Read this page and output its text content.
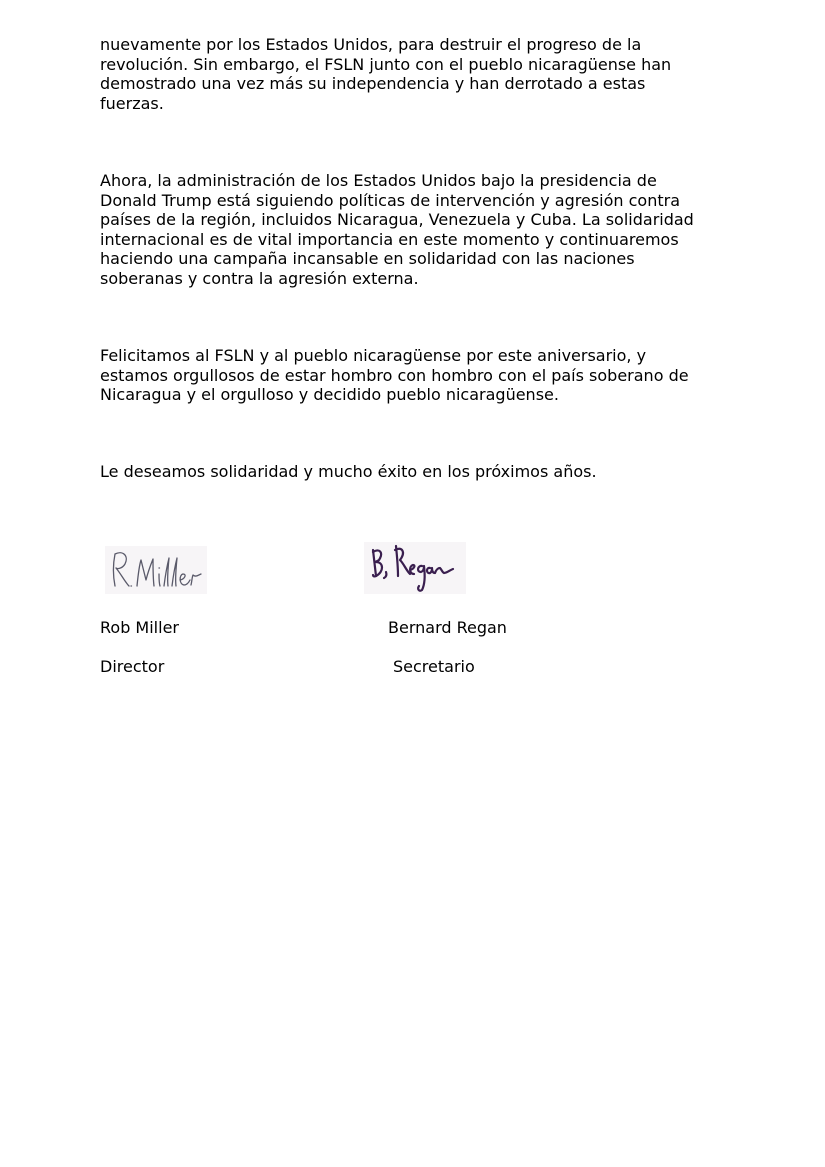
nuevamente por los Estados Unidos, para destruir el progreso de la
revolución. Sin embargo, el FSLN junto con el pueblo nicaragüense han
demostrado una vez más su independencia y han derrotado a estas
fuerzas.

Ahora, la administración de los Estados Unidos bajo la presidencia de
Donald Trump está siguiendo políticas de intervención y agresión contra
países de la región, incluidos Nicaragua, Venezuela y Cuba. La solidaridad
internacional es de vital importancia en este momento y continuaremos
haciendo una campaña incansable en solidaridad con las naciones
soberanas y contra la agresión externa.

Felicitamos al FSLN y al pueblo nicaragüense por este aniversario, y
estamos orgullosos de estar hombro con hombro con el país soberano de
Nicaragua y el orgulloso y decidido pueblo nicaragüense.

Le deseamos solidaridad y mucho éxito en los próximos años.

Rob Miller

Director

Bernard Regan

Secretario
